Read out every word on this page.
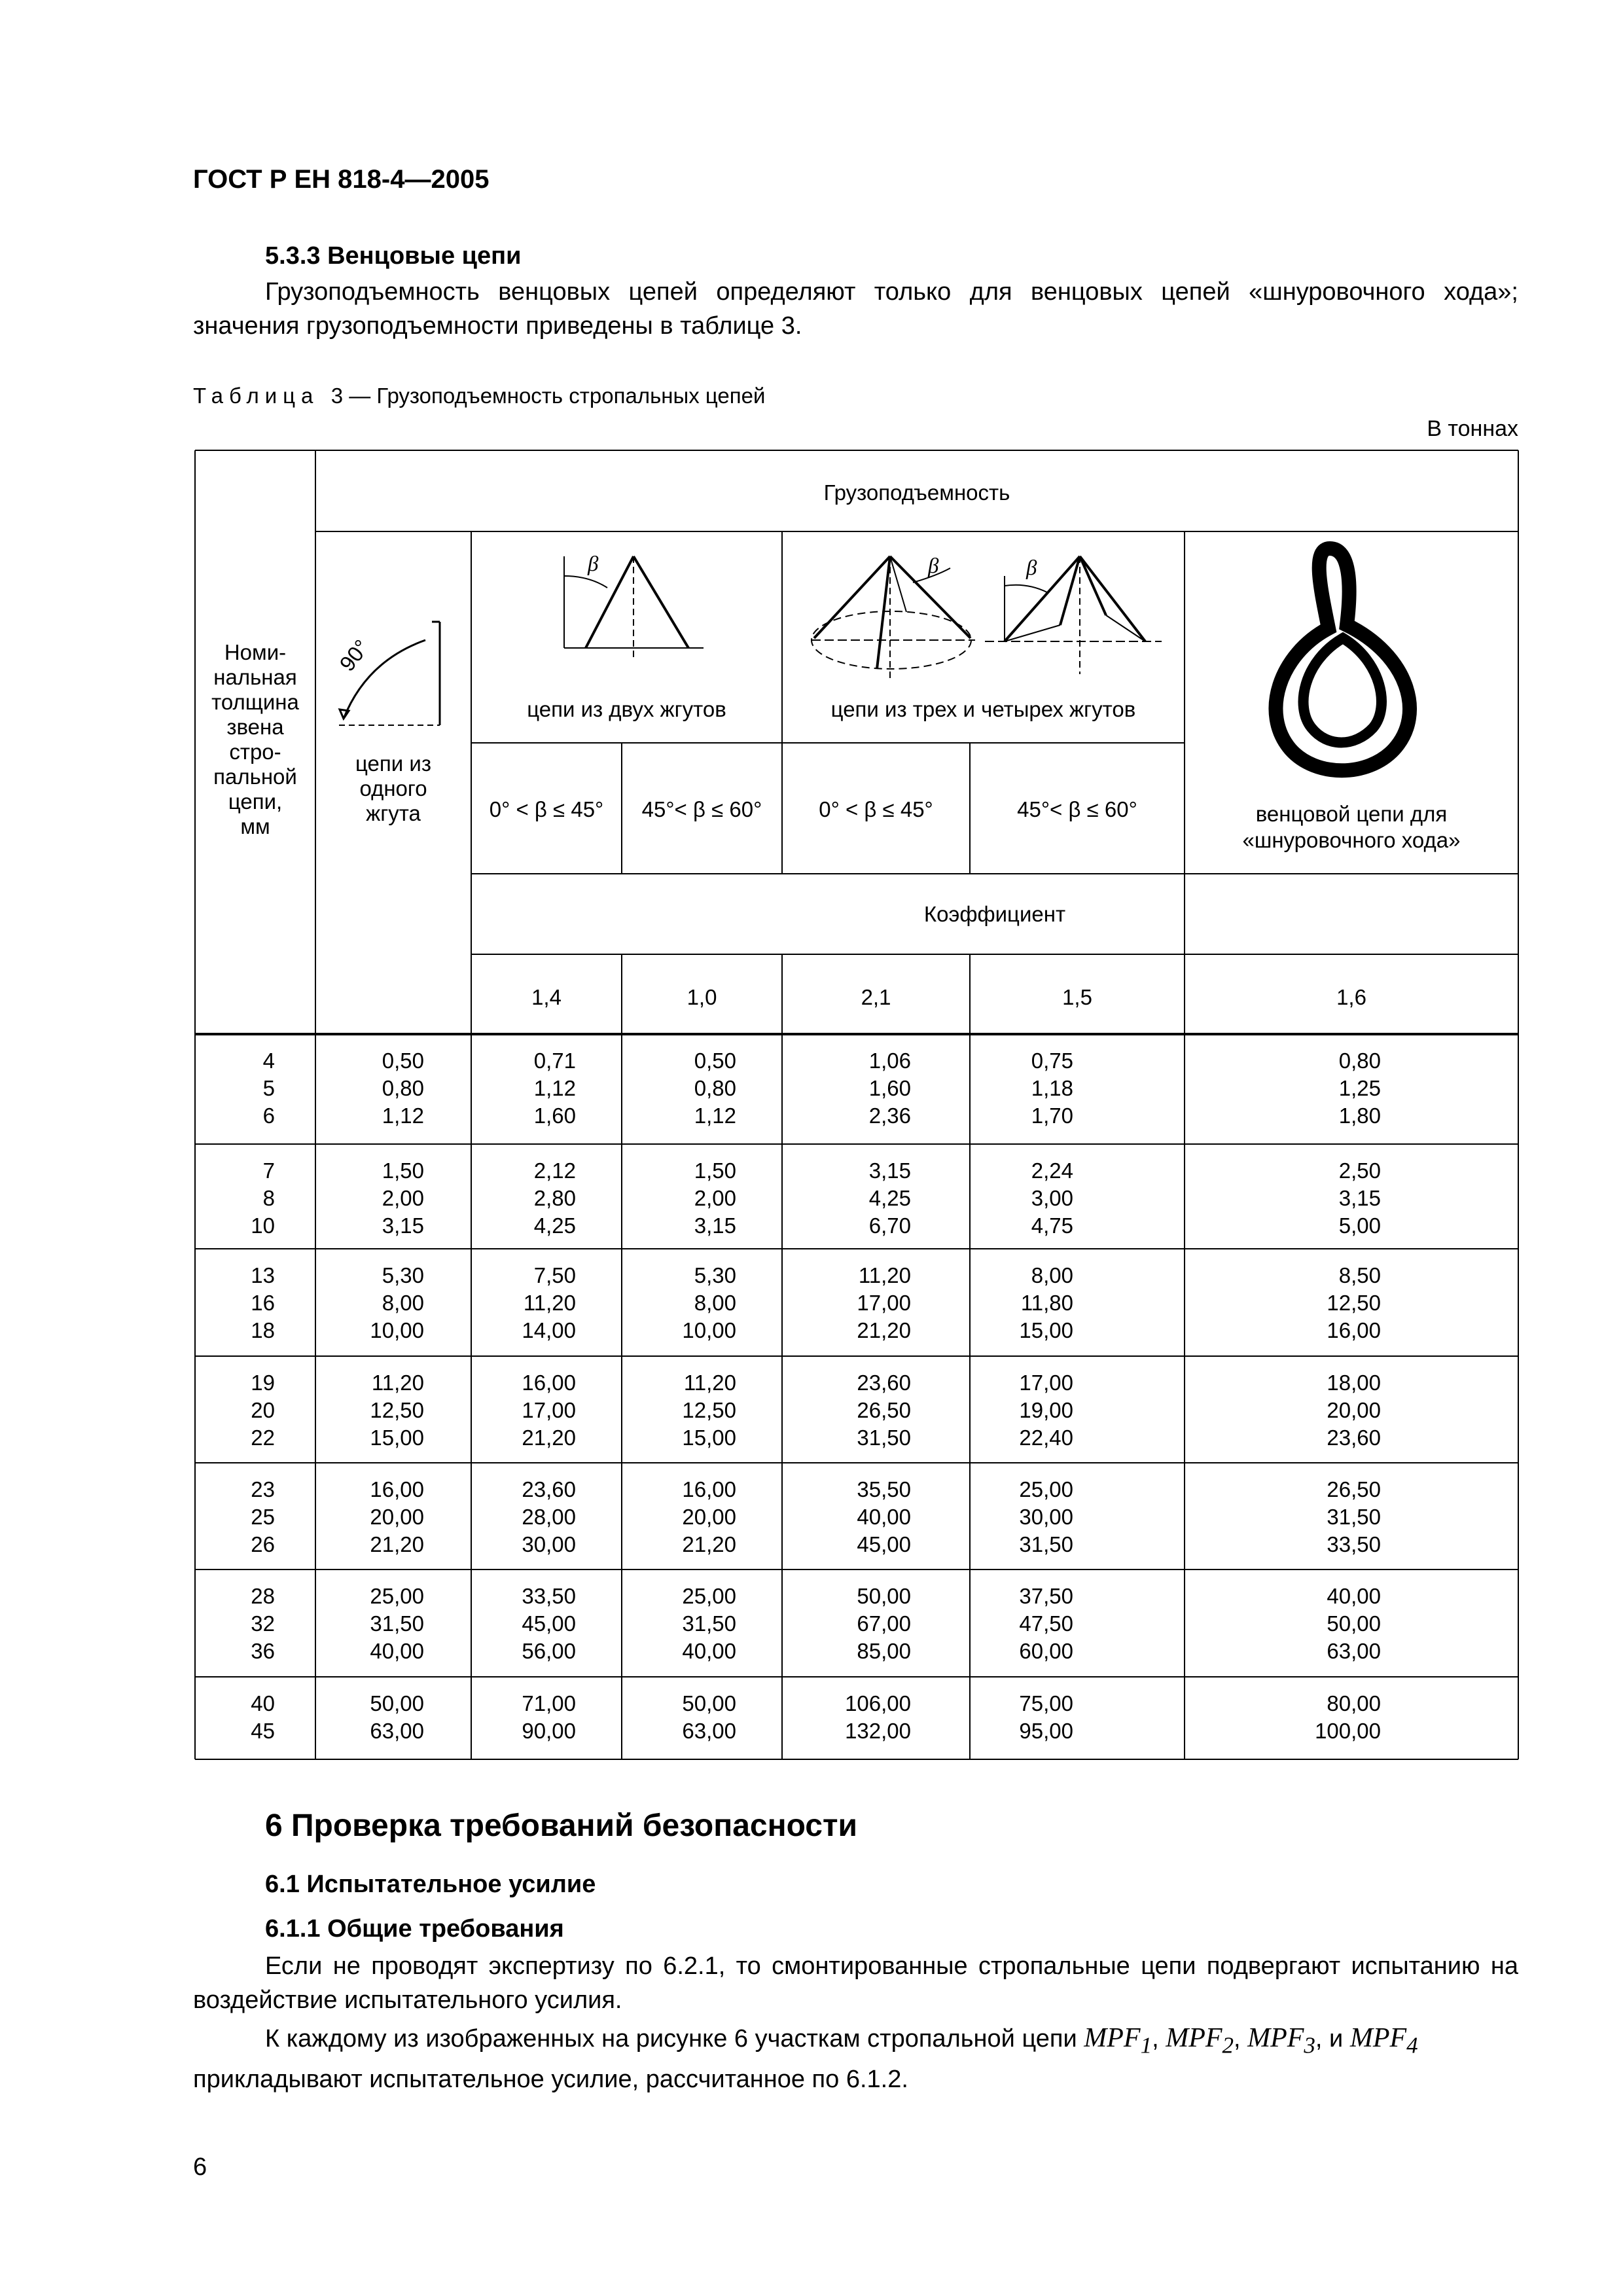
ГОСТ Р ЕН 818-4—2005
5.3.3 Венцовые цепи

Грузоподъемность венцовых цепей определяют только для венцовых цепей «шнуровочного хода»; значения грузоподъемности приведены в таблице 3.

Таблица 3 — Грузоподъемность стропальных цепей
В тоннах
90°
β	β	β
Номи-
нальная
толщина
звена
стро-
пальной
цепи,
мм
Грузоподъемность
цепи из
одного
жгута
цепи из двух жгутов	цепи из трех и четырех жгутов
венцовой цепи для
«шнуровочного хода»
0° < β ≤ 45° 45°< β ≤ 60°	0° < β ≤ 45°	45°< β ≤ 60°
Коэффициент
1,4	1,0	2,1	1,5	1,6
4	0,50	0,71	0,50	1,06	0,75	0,80
5	0,80	1,12	0,80	1,60	1,18	1,25
6	1,12	1,60	1,12	2,36	1,70	1,80
7	1,50	2,12	1,50	3,15	2,24	2,50
8	2,00	2,80	2,00	4,25	3,00	3,15
10	3,15	4,25	3,15	6,70	4,75	5,00
13	5,30	7,50	5,30	11,20	8,00	8,50
16	8,00	11,20	8,00	17,00	11,80	12,50
18	10,00	14,00	10,00	21,20	15,00	16,00
19	11,20	16,00	11,20	23,60	17,00	18,00
20	12,50	17,00	12,50	26,50	19,00	20,00
22	15,00	21,20	15,00	31,50	22,40	23,60
23	16,00	23,60	16,00	35,50	25,00	26,50
25	20,00	28,00	20,00	40,00	30,00	31,50
26	21,20	30,00	21,20	45,00	31,50	33,50
28	25,00	33,50	25,00	50,00	37,50	40,00
32	31,50	45,00	31,50	67,00	47,50	50,00
36	40,00	56,00	40,00	85,00	60,00	63,00
40	50,00	71,00	50,00	106,00	75,00	80,00
45	63,00	90,00	63,00	132,00	95,00	100,00
6 Проверка требований безопасности
6.1 Испытательное усилие
6.1.1 Общие требования

Если не проводят экспертизу по 6.2.1, то смонтированные стропальные цепи подвергают испытанию на воздействие испытательного усилия.

К каждому из изображенных на рисунке 6 участкам стропальной цепи $MPF_1$, $MPF_2$, $MPF_3$, и $MPF_4$
прикладывают испытательное усилие, рассчитанное по 6.1.2.

6
